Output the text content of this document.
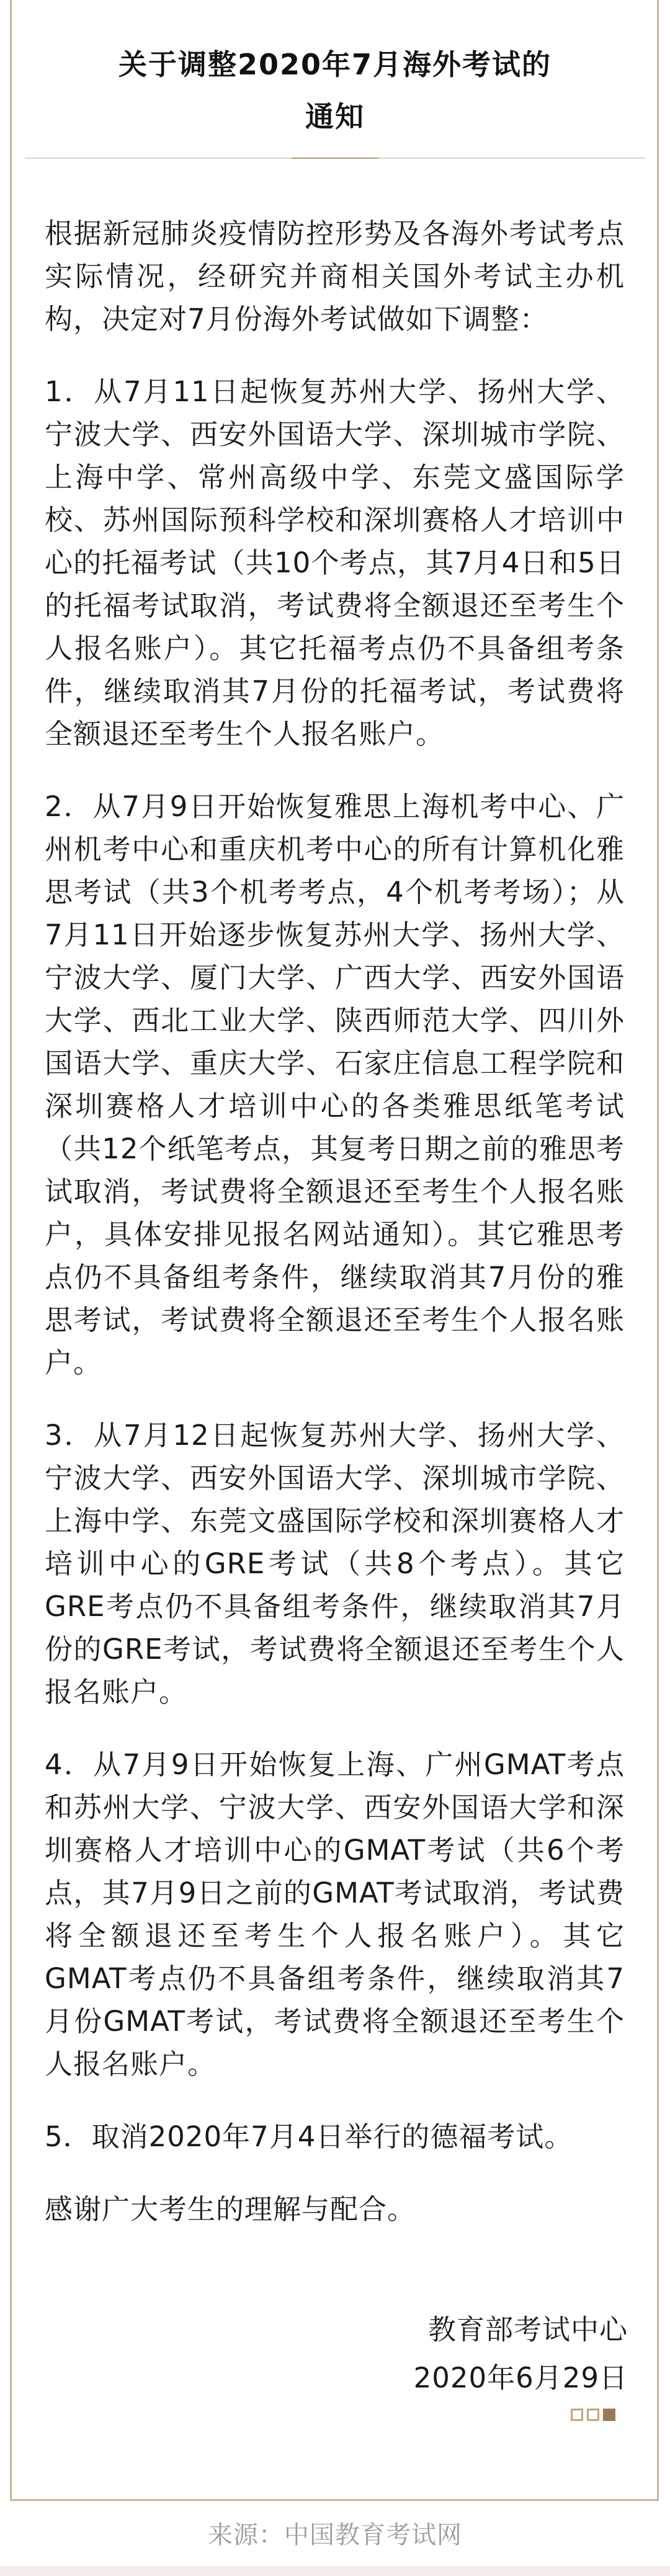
关于调整2020年7月海外考试的
通知

根据新冠肺炎疫情防控形势及各海外考试考点实际情况，经研究并商相关国外考试主办机构，决定对7月份海外考试做如下调整：

1．从7月11日起恢复苏州大学、扬州大学、宁波大学、西安外国语大学、深圳城市学院、上海中学、常州高级中学、东莞文盛国际学校、苏州国际预科学校和深圳赛格人才培训中心的托福考试（共10个考点，其7月4日和5日的托福考试取消，考试费将全额退还至考生个人报名账户）。其它托福考点仍不具备组考条件，继续取消其7月份的托福考试，考试费将全额退还至考生个人报名账户。

2．从7月9日开始恢复雅思上海机考中心、广州机考中心和重庆机考中心的所有计算机化雅思考试（共3个机考考点，4个机考考场）；从7月11日开始逐步恢复苏州大学、扬州大学、宁波大学、厦门大学、广西大学、西安外国语大学、西北工业大学、陕西师范大学、四川外国语大学、重庆大学、石家庄信息工程学院和深圳赛格人才培训中心的各类雅思纸笔考试（共12个纸笔考点，其复考日期之前的雅思考试取消，考试费将全额退还至考生个人报名账户，具体安排见报名网站通知）。其它雅思考点仍不具备组考条件，继续取消其7月份的雅思考试，考试费将全额退还至考生个人报名账户。

3．从7月12日起恢复苏州大学、扬州大学、宁波大学、西安外国语大学、深圳城市学院、上海中学、东莞文盛国际学校和深圳赛格人才培训中心的GRE考试（共8个考点）。其它GRE考点仍不具备组考条件，继续取消其7月份的GRE考试，考试费将全额退还至考生个人报名账户。

4．从7月9日开始恢复上海、广州GMAT考点和苏州大学、宁波大学、西安外国语大学和深圳赛格人才培训中心的GMAT考试（共6个考点，其7月9日之前的GMAT考试取消，考试费将全额退还至考生个人报名账户）。其它GMAT考点仍不具备组考条件，继续取消其7月份GMAT考试，考试费将全额退还至考生个人报名账户。

5．取消2020年7月4日举行的德福考试。

感谢广大考生的理解与配合。

教育部考试中心
2020年6月29日
来源：中国教育考试网
